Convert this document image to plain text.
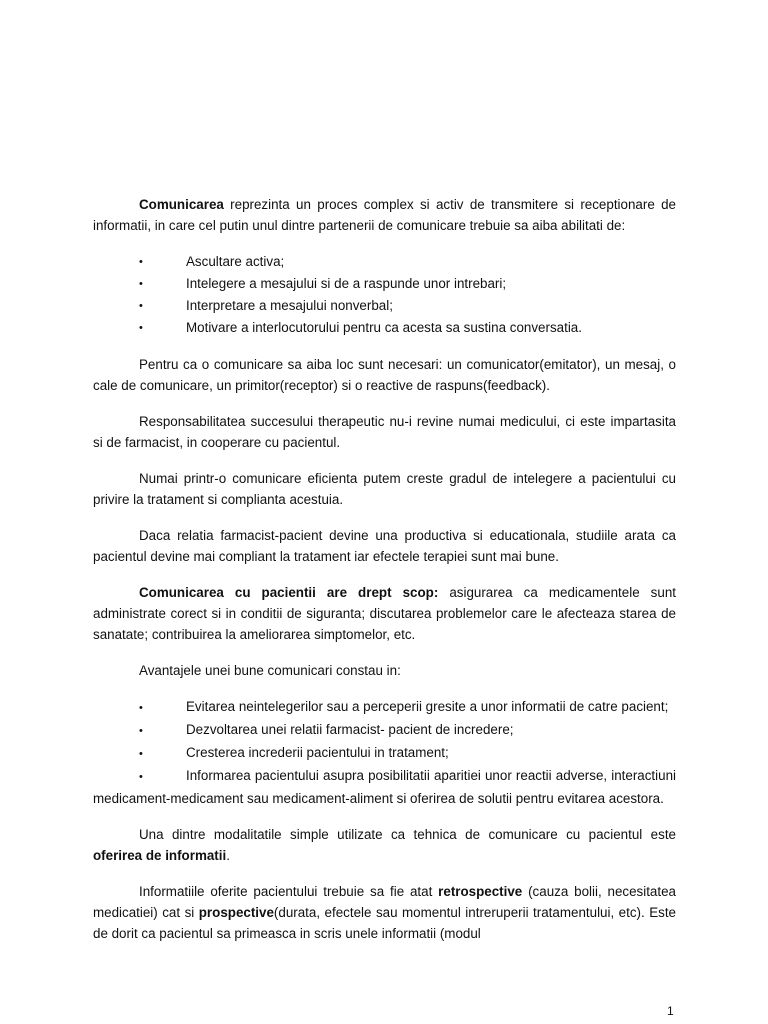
Comunicarea reprezinta un proces complex si activ de transmitere si receptionare de informatii, in care cel putin unul dintre partenerii de comunicare trebuie sa aiba abilitati de:

•	Ascultare activa;
•	Intelegere a mesajului si de a raspunde unor intrebari;
•	Interpretare a mesajului nonverbal;
•	Motivare a interlocutorului pentru ca acesta sa sustina conversatia.

Pentru ca o comunicare sa aiba loc sunt necesari: un comunicator(emitator), un mesaj, o cale de comunicare, un primitor(receptor) si o reactive de raspuns(feedback).

Responsabilitatea succesului therapeutic nu-i revine numai medicului, ci este impartasita si de farmacist, in cooperare cu pacientul.

Numai printr-o comunicare eficienta putem creste gradul de intelegere a pacientului cu privire la tratament si complianta acestuia.

Daca relatia farmacist-pacient devine una productiva si educationala, studiile arata ca pacientul devine mai compliant la tratament iar efectele terapiei sunt mai bune.

Comunicarea cu pacientii are drept scop: asigurarea ca medicamentele sunt administrate corect si in conditii de siguranta; discutarea problemelor care le afecteaza starea de sanatate; contribuirea la ameliorarea simptomelor, etc.

Avantajele unei bune comunicari constau in:

•	Evitarea neintelegerilor sau a perceperii gresite a unor informatii de catre pacient;
•	Dezvoltarea unei relatii farmacist- pacient de incredere;
•	Cresterea increderii pacientului in tratament;
•	Informarea pacientului asupra posibilitatii aparitiei unor reactii adverse, interactiuni medicament-medicament sau medicament-aliment si oferirea de solutii pentru evitarea acestora.

Una dintre modalitatile simple utilizate ca tehnica de comunicare cu pacientul este oferirea de informatii.

Informatiile oferite pacientului trebuie sa fie atat retrospective (cauza bolii, necesitatea medicatiei) cat si prospective(durata, efectele sau momentul intreruperii tratamentului, etc). Este de dorit ca pacientul sa primeasca in scris unele informatii (modul

1
